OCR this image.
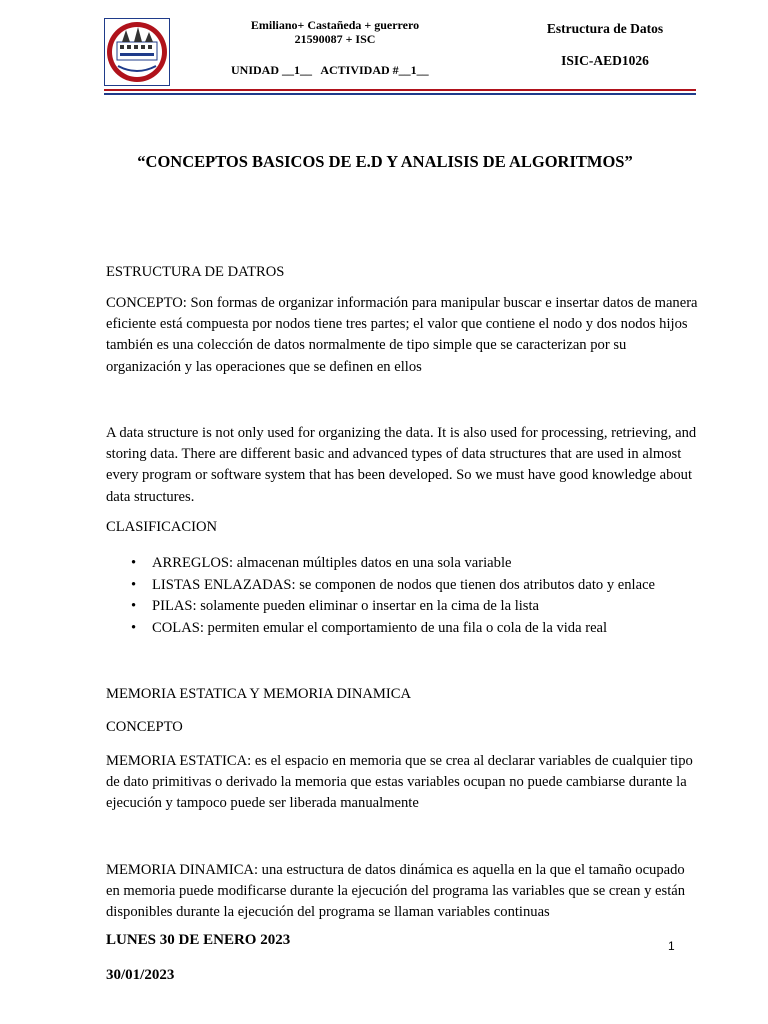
Emiliano+ Castañeda + guerrero
21590087 + ISC
UNIDAD __1__   ACTIVIDAD #__1__
Estructura de Datos
ISIC-AED1026
“CONCEPTOS BASICOS DE E.D Y ANALISIS DE ALGORITMOS”
ESTRUCTURA DE DATROS
CONCEPTO: Son formas de organizar información para manipular buscar e insertar datos de manera eficiente está compuesta por nodos tiene tres partes; el valor que contiene el nodo y dos nodos hijos también es una colección de datos normalmente de tipo simple que se caracterizan por su organización y las operaciones que se definen en ellos
A data structure is not only used for organizing the data. It is also used for processing, retrieving, and storing data. There are different basic and advanced types of data structures that are used in almost every program or software system that has been developed. So we must have good knowledge about data structures.
CLASIFICACION
• ARREGLOS: almacenan múltiples datos en una sola variable
• LISTAS ENLAZADAS: se componen de nodos que tienen dos atributos dato y enlace
• PILAS: solamente pueden eliminar o insertar en la cima de la lista
• COLAS: permiten emular el comportamiento de una fila o cola de la vida real
MEMORIA ESTATICA Y MEMORIA DINAMICA
CONCEPTO
MEMORIA ESTATICA: es el espacio en memoria que se crea al declarar variables de cualquier tipo de dato primitivas o derivado la memoria que estas variables ocupan no puede cambiarse durante la ejecución y tampoco puede ser liberada manualmente
MEMORIA DINAMICA: una estructura de datos dinámica es aquella en la que el tamaño ocupado en memoria puede modificarse durante la ejecución del programa las variables que se crean y están disponibles durante la ejecución del programa se llaman variables continuas
LUNES 30 DE ENERO 2023
30/01/2023
1
